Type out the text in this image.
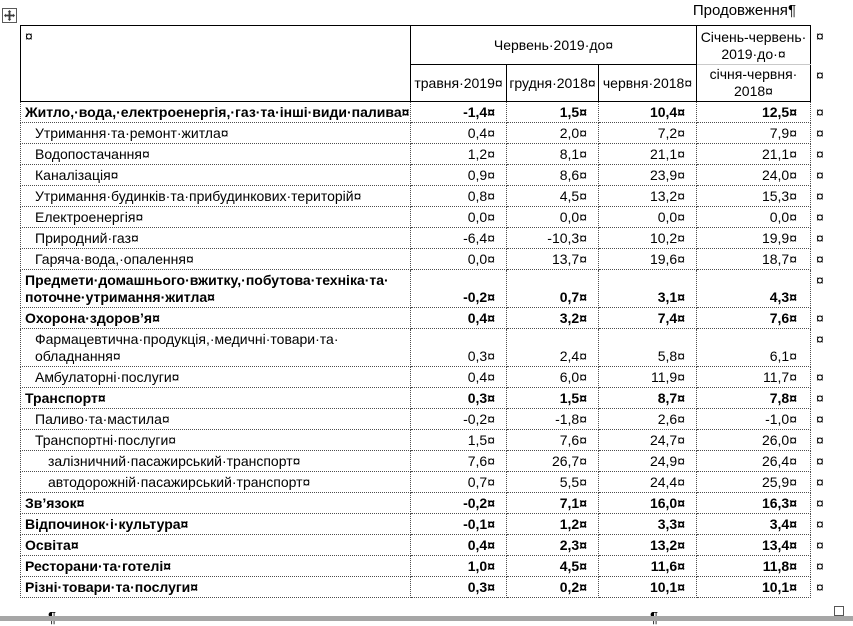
Продовження¶
¤	Червень·​2019·​до¤			Січень-червень·​2019·​до·​¤	¤
	травня·​2019¤	грудня·​2018¤	червня·​2018¤	січня-червня·​2018¤	¤
Житло,·​вода,·​електроенергія,·​газ·​та·​інші·​види·​палива¤	-1,4¤	1,5¤	10,4¤	12,5¤	¤
Утримання·​та·​ремонт·​житла¤	0,4¤	2,0¤	7,2¤	7,9¤	¤
Водопостачання¤	1,2¤	8,1¤	21,1¤	21,1¤	¤
Каналізація¤	0,9¤	8,6¤	23,9¤	24,0¤	¤
Утримання·​будинків·​та·​прибудинкових·​територій¤	0,8¤	4,5¤	13,2¤	15,3¤	¤
Електроенергія¤	0,0¤	0,0¤	0,0¤	0,0¤	¤
Природний·​газ¤	-6,4¤	-10,3¤	10,2¤	19,9¤	¤
Гаряча·​вода,·​опалення¤	0,0¤	13,7¤	19,6¤	18,7¤	¤
Предмети·​домашнього·​вжитку,·​побутова·​техніка·​та·​поточне·​утримання·​житла¤	-0,2¤	0,7¤	3,1¤	4,3¤	¤
Охорона·​здоров’я¤	0,4¤	3,2¤	7,4¤	7,6¤	¤
Фармацевтична·​продукція,·​медичні·​товари·​та·​обладнання¤	0,3¤	2,4¤	5,8¤	6,1¤	¤
Амбулаторні·​послуги¤	0,4¤	6,0¤	11,9¤	11,7¤	¤
Транспорт¤	0,3¤	1,5¤	8,7¤	7,8¤	¤
Паливо·​та·​мастила¤	-0,2¤	-1,8¤	2,6¤	-1,0¤	¤
Транспортні·​послуги¤	1,5¤	7,6¤	24,7¤	26,0¤	¤
залізничний·​пасажирський·​транспорт¤	7,6¤	26,7¤	24,9¤	26,4¤	¤
автодорожній·​пасажирський·​транспорт¤	0,7¤	5,5¤	24,4¤	25,9¤	¤
Зв’язок¤	-0,2¤	7,1¤	16,0¤	16,3¤	¤
Відпочинок·​і·​культура¤	-0,1¤	1,2¤	3,3¤	3,4¤	¤
Освіта¤	0,4¤	2,3¤	13,2¤	13,4¤	¤
Ресторани·​та·​готелі¤	1,0¤	4,5¤	11,6¤	11,8¤	¤
Різні·​товари·​та·​послуги¤	0,3¤	0,2¤	10,1¤	10,1¤	¤
